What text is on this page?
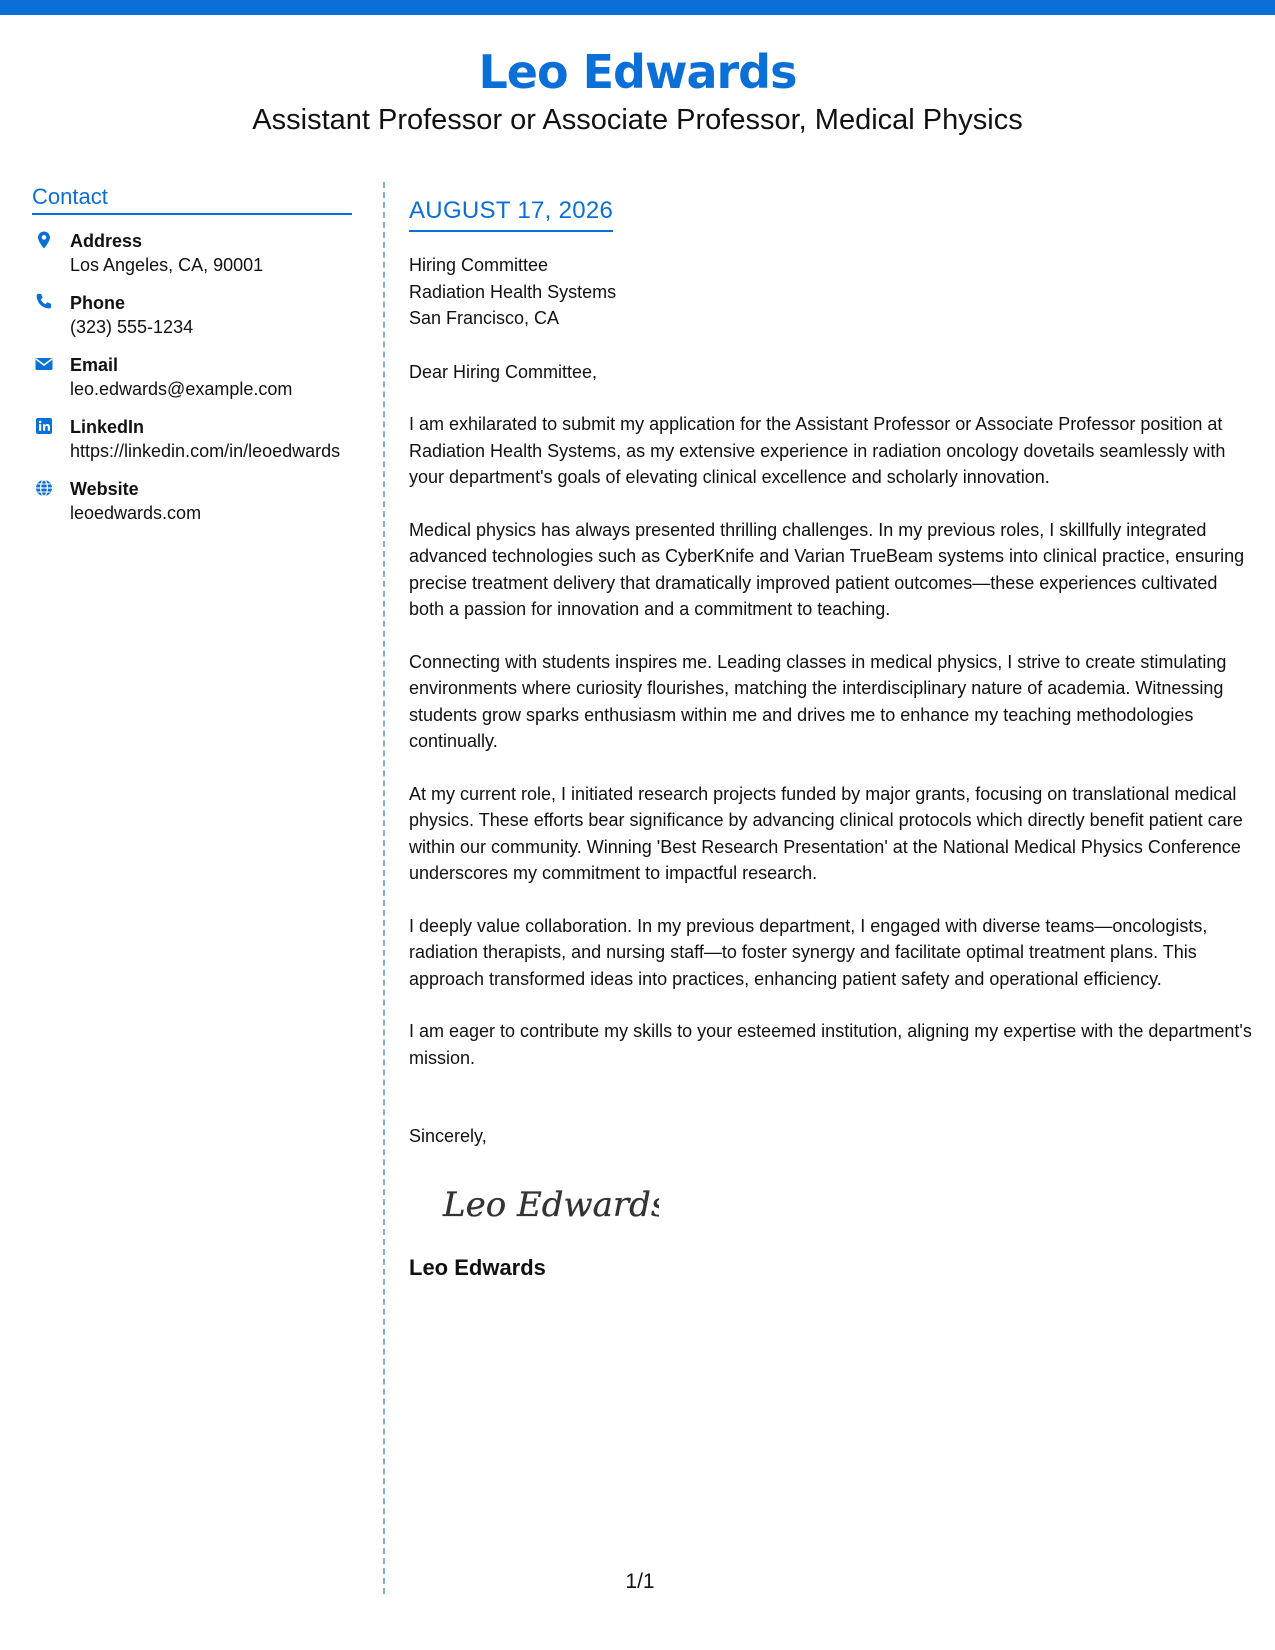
Leo Edwards
Assistant Professor or Associate Professor, Medical Physics
Contact
Address
Los Angeles, CA, 90001
Phone
(323) 555-1234
Email
leo.edwards@example.com
LinkedIn
https://linkedin.com/in/leoedwards
Website
leoedwards.com
AUGUST 17, 2026
Hiring Committee
Radiation Health Systems
San Francisco, CA
Dear Hiring Committee,
I am exhilarated to submit my application for the Assistant Professor or Associate Professor position at Radiation Health Systems, as my extensive experience in radiation oncology dovetails seamlessly with your department's goals of elevating clinical excellence and scholarly innovation.
Medical physics has always presented thrilling challenges. In my previous roles, I skillfully integrated advanced technologies such as CyberKnife and Varian TrueBeam systems into clinical practice, ensuring precise treatment delivery that dramatically improved patient outcomes—these experiences cultivated both a passion for innovation and a commitment to teaching.
Connecting with students inspires me. Leading classes in medical physics, I strive to create stimulating environments where curiosity flourishes, matching the interdisciplinary nature of academia. Witnessing students grow sparks enthusiasm within me and drives me to enhance my teaching methodologies continually.
At my current role, I initiated research projects funded by major grants, focusing on translational medical physics. These efforts bear significance by advancing clinical protocols which directly benefit patient care within our community. Winning 'Best Research Presentation' at the National Medical Physics Conference underscores my commitment to impactful research.
I deeply value collaboration. In my previous department, I engaged with diverse teams—oncologists, radiation therapists, and nursing staff—to foster synergy and facilitate optimal treatment plans. This approach transformed ideas into practices, enhancing patient safety and operational efficiency.
I am eager to contribute my skills to your esteemed institution, aligning my expertise with the department's mission.
Sincerely,
Leo Edwards
Leo Edwards
1/1
